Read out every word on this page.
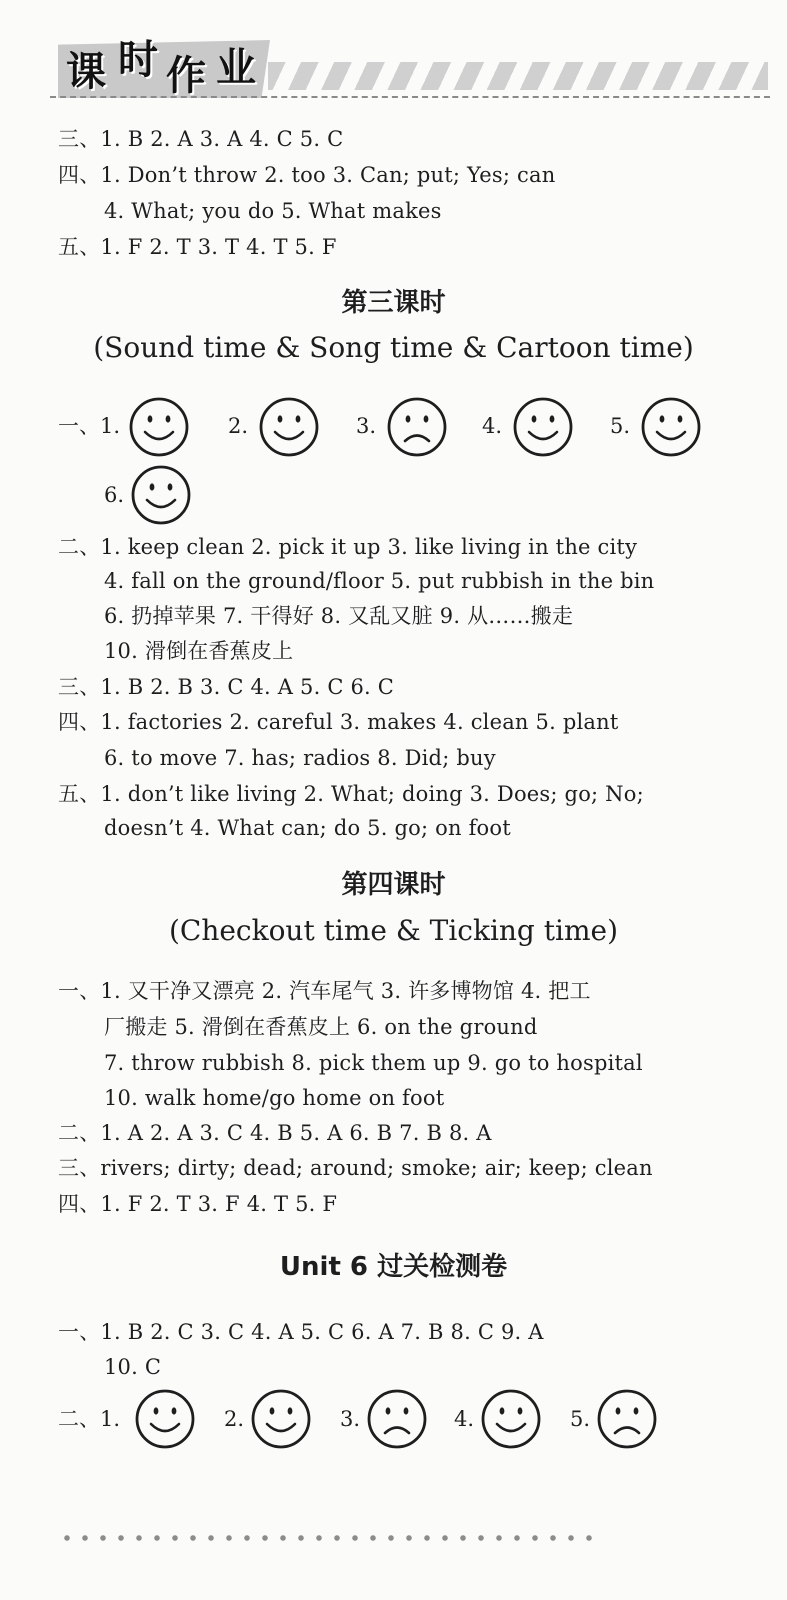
课 时 作 业
三、1. B 2. A 3. A 4. C 5. C
四、1. Don’t throw 2. too 3. Can; put; Yes; can
4. What; you do 5. What makes
五、1. F 2. T 3. T 4. T 5. F
第三课时
(Sound time & Song time & Cartoon time)
一、1.	2.	3.	4.	5.
6.
二、1. keep clean 2. pick it up 3. like living in the city
4. fall on the ground/floor 5. put rubbish in the bin
6. 扔掉苹果 7. 干得好 8. 又乱又脏 9. 从……搬走
10. 滑倒在香蕉皮上
三、1. B 2. B 3. C 4. A 5. C 6. C
四、1. factories 2. careful 3. makes 4. clean 5. plant
6. to move 7. has; radios 8. Did; buy
五、1. don’t like living 2. What; doing 3. Does; go; No;
doesn’t 4. What can; do 5. go; on foot
第四课时
(Checkout time & Ticking time)
一、1. 又干净又漂亮 2. 汽车尾气 3. 许多博物馆 4. 把工
厂搬走 5. 滑倒在香蕉皮上 6. on the ground
7. throw rubbish 8. pick them up 9. go to hospital
10. walk home/go home on foot
二、1. A 2. A 3. C 4. B 5. A 6. B 7. B 8. A
三、rivers; dirty; dead; around; smoke; air; keep; clean
四、1. F 2. T 3. F 4. T 5. F
Unit 6 过关检测卷
一、1. B 2. C 3. C 4. A 5. C 6. A 7. B 8. C 9. A
10. C
二、1.	2.	3.	4.	5.
